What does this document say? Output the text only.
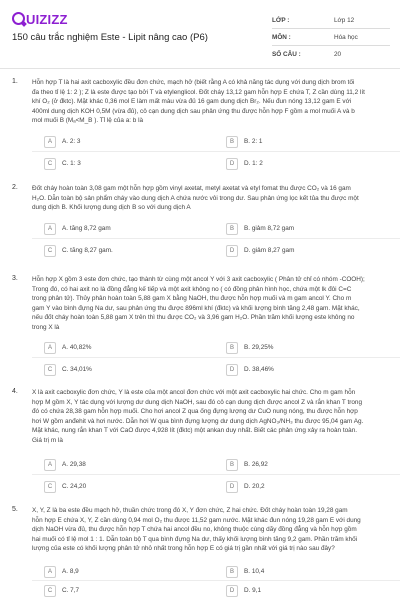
UIZIZZ
150 câu trắc nghiệm Este - Lipit nâng cao (P6)
LỚP :	Lớp 12
MÔN :	Hóa học
SỐ CÂU :	20
1. Hỗn hợp T là hai axit cacboxylic đều đơn chức, mạch hở (biết rằng A có khả năng tác dụng với dung dịch brom tối
đa theo tỉ lệ 1: 2 ); Z là este được tạo bởi T và etylenglicol. Đốt cháy 13,12 gam hỗn hợp E chứa T, Z cần dùng 11,2 lít
khí O₂ (ở đktc). Mặt khác 0,36 mol E làm mất màu vừa đủ 16 gam dung dịch Br₂. Nếu đun nóng 13,12 gam E với
400ml dung dịch KOH 0,5M (vừa đủ), cô cạn dung dịch sau phản ứng thu được hỗn hợp F gồm a mol muối A và b
mol muối B (Mₐ<M_B ). Tỉ lệ của a: b là
A	A. 2: 3	B	B. 2: 1
C	C. 1: 3	D	D. 1: 2
2. Đốt cháy hoàn toàn 3,08 gam một hỗn hợp gồm vinyl axetat, metyl axetat và etyl fomat thu được CO₂ và 16 gam
H₂O. Dẫn toàn bộ sản phẩm cháy vào dung dịch A chứa nước vôi trong dư. Sau phản ứng lọc kết tủa thu được một
dung dịch B. Khối lượng dung dịch B so với dung dịch A
A	A. tăng 8,72 gam	B	B. giảm 8,72 gam
C	C. tăng 8,27 gam.	D	D. giảm 8,27 gam
3. Hỗn hợp X gồm 3 este đơn chức, tạo thành từ cùng một ancol Y với 3 axit cacboxylic ( Phân tử chỉ có nhóm -COOH);
Trong đó, có hai axit no là đồng đẳng kế tiếp và một axit không no ( có đồng phân hình học, chứa một lk đôi C=C
trong phân tử). Thủy phân hoàn toàn 5,88 gam X bằng NaOH, thu được hỗn hợp muối và m gam ancol Y. Cho m
gam Y vào bình đựng Na dư, sau phản ứng thu được 896ml khí (đktc) và khối lượng bình tăng 2,48 gam. Mặt khác,
nếu đốt cháy hoàn toàn 5,88 gam X trên thì thu được CO₂ và 3,96 gam H₂O. Phần trăm khối lượng este không no
trong X là
A	A. 40,82%	B	B. 29,25%
C	C. 34,01%	D	D. 38,46%
4. X là axit cacboxylic đơn chức, Y là este của một ancol đơn chức với một axit cacboxylic hai chức. Cho m gam hỗn
hợp M gồm X, Y tác dụng với lượng dư dung dịch NaOH, sau đó cô cạn dung dịch được ancol Z và rắn khan T trong
đó có chứa 28,38 gam hỗn hợp muối. Cho hơi ancol Z qua ống đựng lượng dư CuO nung nóng, thu được hỗn hợp
hơi W gồm anđehit và hơi nước. Dẫn hơi W qua bình đựng lượng dư dung dịch AgNO₃/NH₃ thu được 95,04 gam Ag.
Mặt khác, nung rắn khan T với CaO được 4,928 lít (đktc) một ankan duy nhất. Biết các phản ứng xảy ra hoàn toàn.
Giá trị m là
A	A. 29,38	B	B. 26,92
C	C. 24,20	D	D. 20,2
5. X, Y, Z là ba este đều mạch hở, thuần chức trong đó X, Y đơn chức, Z hai chức. Đốt cháy hoàn toàn 19,28 gam
hỗn hợp E chứa X, Y, Z cần dùng 0,94 mol O₂ thu được 11,52 gam nước. Mặt khác đun nóng 19,28 gam E với dung
dịch NaOH vừa đủ, thu được hỗn hợp T chứa hai ancol đều no, không thuộc cùng dãy đồng đẳng và hỗn hợp gồm
hai muối có tỉ lệ mol 1 : 1. Dẫn toàn bộ T qua bình đựng Na dư, thấy khối lượng bình tăng 9,2 gam. Phần trăm khối
lượng của este có khối lượng phân tử nhỏ nhất trong hỗn hợp E có giá trị gần nhất với giá trị nào sau đây?
A	A. 8,9	B	B. 10,4
C	C. 7,7	D	D. 9,1
